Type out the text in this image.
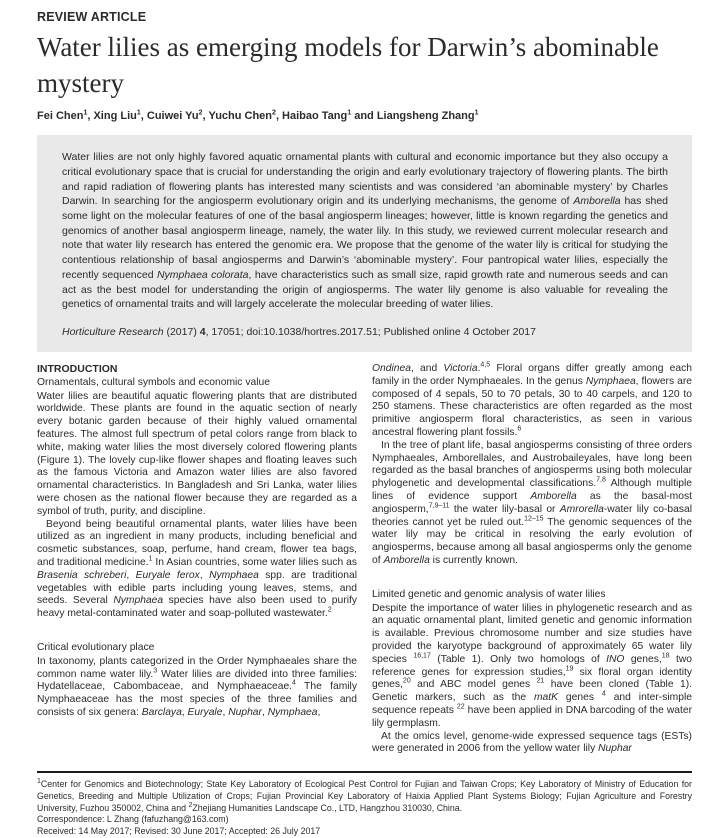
REVIEW ARTICLE
Water lilies as emerging models for Darwin’s abominable mystery
Fei Chen$^1$, Xing Liu$^1$, Cuiwei Yu$^2$, Yuchu Chen$^2$, Haibao Tang$^1$ and Liangsheng Zhang$^1$

Water lilies are not only highly favored aquatic ornamental plants with cultural and economic importance but they also occupy a critical evolutionary space that is crucial for understanding the origin and early evolutionary trajectory of flowering plants. The birth and rapid radiation of flowering plants has interested many scientists and was considered ‘an abominable mystery’ by Charles Darwin. In searching for the angiosperm evolutionary origin and its underlying mechanisms, the genome of Amborella has shed some light on the molecular features of one of the basal angiosperm lineages; however, little is known regarding the genetics and genomics of another basal angiosperm lineage, namely, the water lily. In this study, we reviewed current molecular research and note that water lily research has entered the genomic era. We propose that the genome of the water lily is critical for studying the contentious relationship of basal angiosperms and Darwin’s ‘abominable mystery’. Four pantropical water lilies, especially the recently sequenced Nymphaea colorata, have characteristics such as small size, rapid growth rate and numerous seeds and can act as the best model for understanding the origin of angiosperms. The water lily genome is also valuable for revealing the genetics of ornamental traits and will largely accelerate the molecular breeding of water lilies.

Horticulture Research (2017) 4, 17051; doi:10.1038/hortres.2017.51; Published online 4 October 2017

INTRODUCTION
Ornamentals, cultural symbols and economic value

Water lilies are beautiful aquatic flowering plants that are distributed worldwide. These plants are found in the aquatic section of nearly every botanic garden because of their highly valued ornamental features. The almost full spectrum of petal colors range from black to white, making water lilies the most diversely colored flowering plants (Figure 1). The lovely cup-like flower shapes and floating leaves such as the famous Victoria and Amazon water lilies are also favored ornamental characteristics. In Bangladesh and Sri Lanka, water lilies were chosen as the national flower because they are regarded as a symbol of truth, purity, and discipline.

Beyond being beautiful ornamental plants, water lilies have been utilized as an ingredient in many products, including beneficial and cosmetic substances, soap, perfume, hand cream, flower tea bags, and traditional medicine.$^1$ In Asian countries, some water lilies such as Brasenia schreberi, Euryale ferox, Nymphaea spp. are traditional vegetables with edible parts including young leaves, stems, and seeds. Several Nymphaea species have also been used to purify heavy metal-contaminated water and soap-polluted wastewater.$^2$

Critical evolutionary place

In taxonomy, plants categorized in the Order Nymphaeales share the common name water lily.$^3$ Water lilies are divided into three families: Hydatellaceae, Cabombaceae, and Nymphaeaceae.$^4$ The family Nymphaeaceae has the most species of the three families and consists of six genera: Barclaya, Euryale, Nuphar, Nymphaea,

Ondinea, and Victoria.$^{4,5}$ Floral organs differ greatly among each family in the order Nymphaeales. In the genus Nymphaea, flowers are composed of 4 sepals, 50 to 70 petals, 30 to 40 carpels, and 120 to 250 stamens. These characteristics are often regarded as the most primitive angiosperm floral characteristics, as seen in various ancestral flowering plant fossils.$^6$

In the tree of plant life, basal angiosperms consisting of three orders Nymphaeales, Amborellales, and Austrobaileyales, have long been regarded as the basal branches of angiosperms using both molecular phylogenetic and developmental classifications.$^{7,8}$ Although multiple lines of evidence support Amborella as the basal-most angiosperm,$^{7,9-11}$ the water lily-basal or Amrorella-water lily co-basal theories cannot yet be ruled out.$^{12-15}$ The genomic sequences of the water lily may be critical in resolving the early evolution of angiosperms, because among all basal angiosperms only the genome of Amborella is currently known.

Limited genetic and genomic analysis of water lilies

Despite the importance of water lilies in phylogenetic research and as an aquatic ornamental plant, limited genetic and genomic information is available. Previous chromosome number and size studies have provided the karyotype background of approximately 65 water lily species $^{16,17}$ (Table 1). Only two homologs of INO genes,$^{18}$ two reference genes for expression studies,$^{19}$ six floral organ identity genes,$^{20}$ and ABC model genes $^{21}$ have been cloned (Table 1). Genetic markers, such as the matK genes $^4$ and inter-simple sequence repeats $^{22}$ have been applied in DNA barcoding of the water lily germplasm.

At the omics level, genome-wide expressed sequence tags (ESTs) were generated in 2006 from the yellow water lily Nuphar

$^1$Center for Genomics and Biotechnology; State Key Laboratory of Ecological Pest Control for Fujian and Taiwan Crops; Key Laboratory of Ministry of Education for Genetics, Breeding and Multiple Utilization of Crops; Fujian Provincial Key Laboratory of Haixia Applied Plant Systems Biology; Fujian Agriculture and Forestry University, Fuzhou 350002, China and $^2$Zhejiang Humanities Landscape Co., LTD, Hangzhou 310030, China.

Correspondence: L Zhang (fafuzhang@163.com)

Received: 14 May 2017; Revised: 30 June 2017; Accepted: 26 July 2017
